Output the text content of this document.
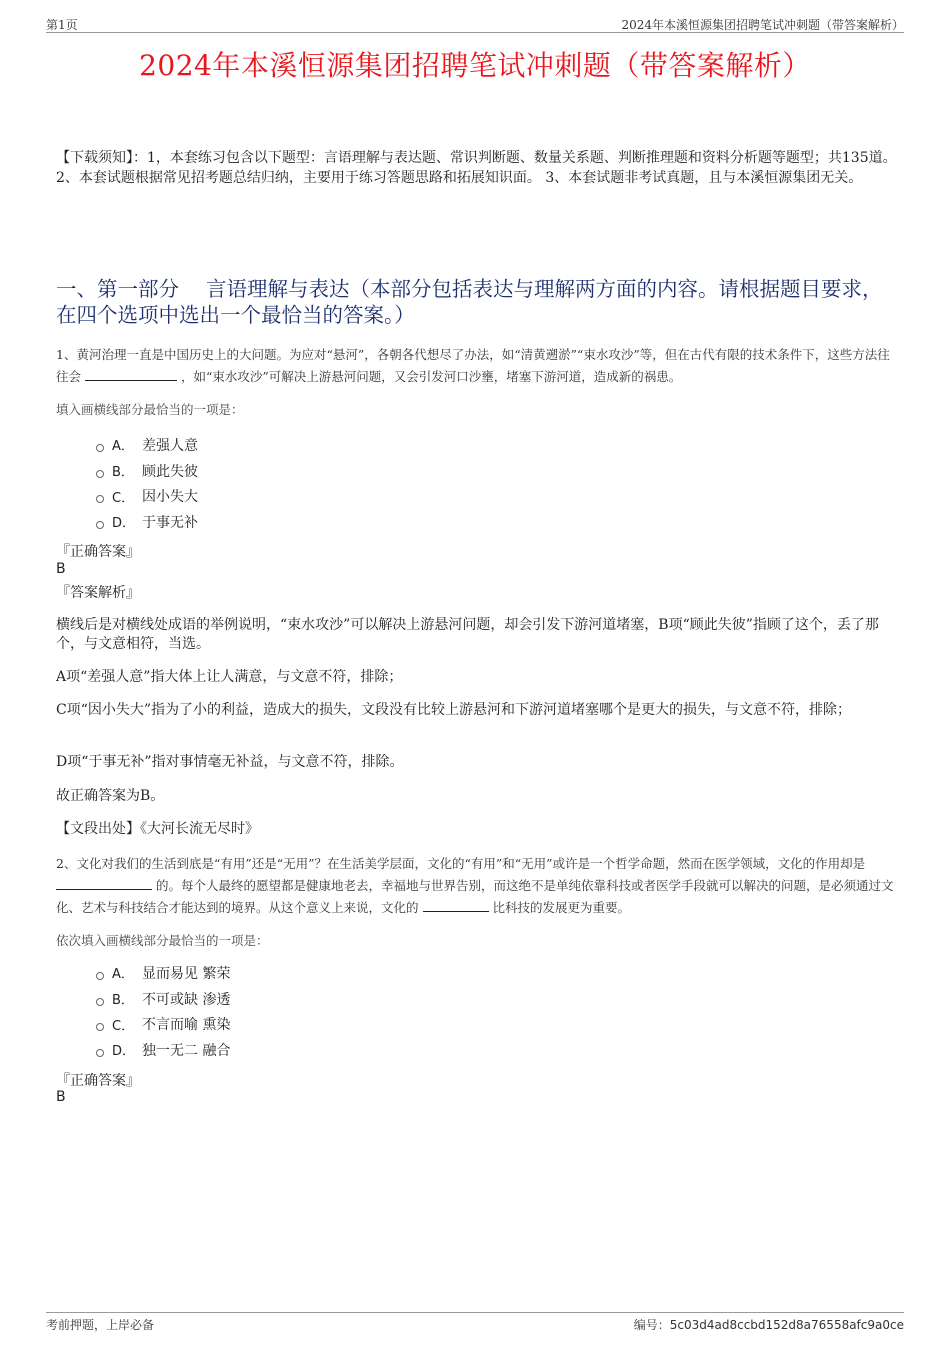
第1页	2024年本溪恒源集团招聘笔试冲刺题（带答案解析）
2024年本溪恒源集团招聘笔试冲刺题（带答案解析）
【下载须知】：1，本套练习包含以下题型：言语理解与表达题、常识判断题、数量关系题、判断推理题和资料分析题等题型；共135道。 2、本套试题根据常见招考题总结归纳，主要用于练习答题思路和拓展知识面。 3、本套试题非考试真题，且与本溪恒源集团无关。
一、第一部分　 言语理解与表达（本部分包括表达与理解两方面的内容。请根据题目要求，在四个选项中选出一个最恰当的答案。）
1、黄河治理一直是中国历史上的大问题。为应对“悬河”，各朝各代想尽了办法，如“清黄遡淤”“束水攻沙”等，但在古代有限的技术条件下，这些方法往往会	，如“束水攻沙”可解决上游悬河问题，又会引发河口沙壅，堵塞下游河道，造成新的祸患。
填入画横线部分最恰当的一项是：
A． 差强人意
B． 顾此失彼
C． 因小失大
D． 于事无补
『正确答案』
B
『答案解析』
横线后是对横线处成语的举例说明，“束水攻沙”可以解决上游悬河问题，却会引发下游河道堵塞，B项“顾此失彼”指顾了这个，丢了那个，与文意相符，当选。
A项“差强人意”指大体上让人满意，与文意不符，排除；
C项“因小失大”指为了小的利益，造成大的损失，文段没有比较上游悬河和下游河道堵塞哪个是更大的损失，与文意不符，排除；
D项“于事无补”指对事情毫无补益，与文意不符，排除。
故正确答案为B。
【文段出处】《大河长流无尽时》
2、文化对我们的生活到底是“有用”还是“无用”？在生活美学层面，文化的“有用”和“无用”或许是一个哲学命题，然而在医学领域，文化的作用却是  的。每个人最终的愿望都是健康地老去，幸福地与世界告别，而这绝不是单纯依靠科技或者医学手段就可以解决的问题，是必须通过文化、艺术与科技结合才能达到的境界。从这个意义上来说，文化的	比科技的发展更为重要。
依次填入画横线部分最恰当的一项是：
A． 显而易见 繁荣
B． 不可或缺 渗透
C． 不言而喻 熏染
D． 独一无二 融合
『正确答案』
B
考前押题，上岸必备	编号：5c03d4ad8ccbd152d8a76558afc9a0ce
